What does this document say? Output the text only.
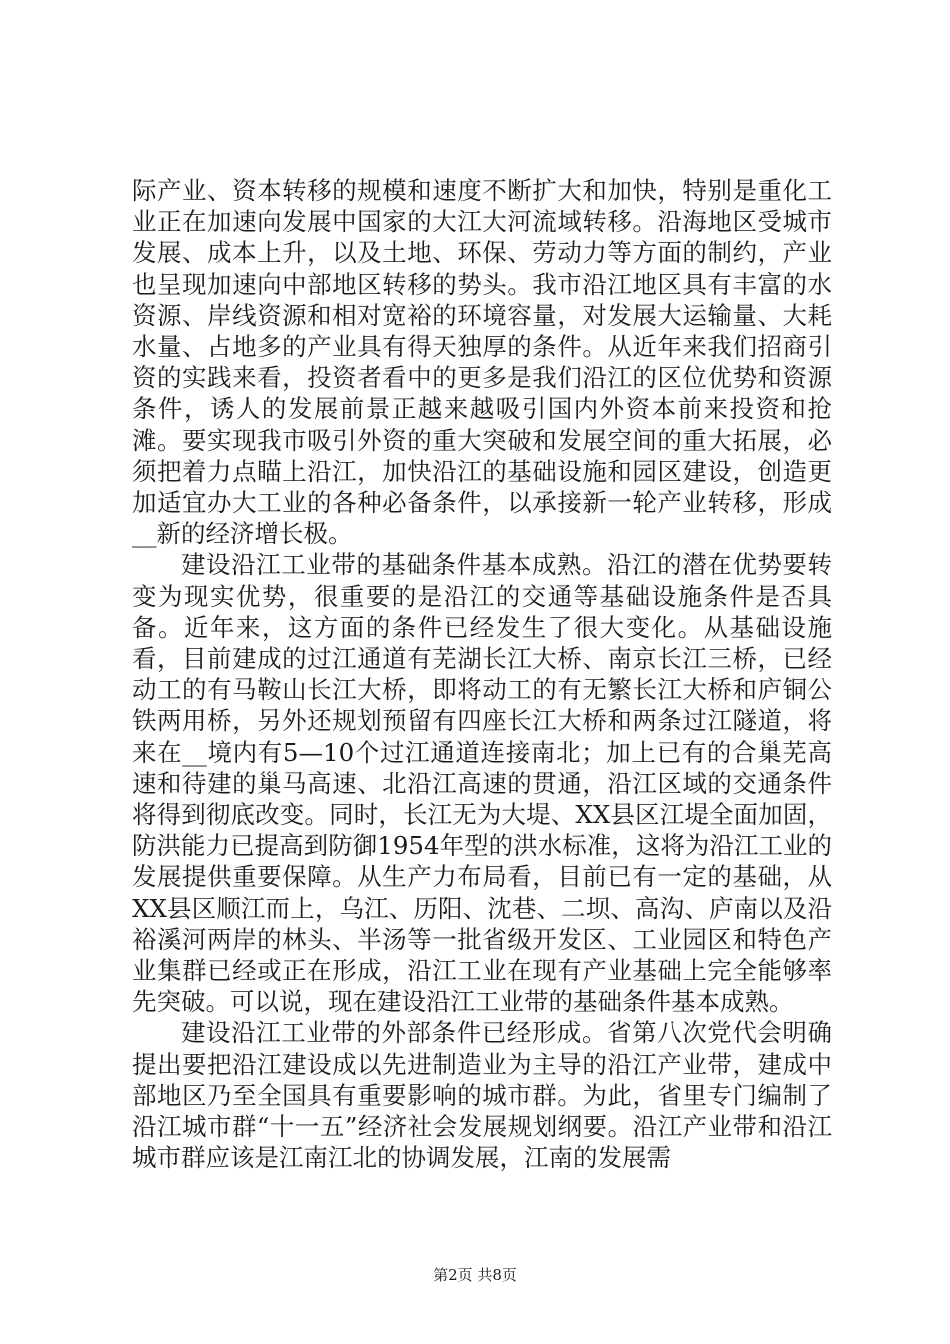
际产业、资本转移的规模和速度不断扩大和加快，特别是重化工业正在加速向发展中国家的大江大河流域转移。沿海地区受城市发展、成本上升，以及土地、环保、劳动力等方面的制约，产业也呈现加速向中部地区转移的势头。我市沿江地区具有丰富的水资源、岸线资源和相对宽裕的环境容量，对发展大运输量、大耗水量、占地多的产业具有得天独厚的条件。从近年来我们招商引资的实践来看，投资者看中的更多是我们沿江的区位优势和资源条件，诱人的发展前景正越来越吸引国内外资本前来投资和抢滩。要实现我市吸引外资的重大突破和发展空间的重大拓展，必须把着力点瞄上沿江，加快沿江的基础设施和园区建设，创造更加适宜办大工业的各种必备条件，以承接新一轮产业转移，形成__新的经济增长极。

建设沿江工业带的基础条件基本成熟。沿江的潜在优势要转变为现实优势，很重要的是沿江的交通等基础设施条件是否具备。近年来，这方面的条件已经发生了很大变化。从基础设施看，目前建成的过江通道有芜湖长江大桥、南京长江三桥，已经动工的有马鞍山长江大桥，即将动工的有无繁长江大桥和庐铜公铁两用桥，另外还规划预留有四座长江大桥和两条过江隧道，将来在__境内有5—10个过江通道连接南北；加上已有的合巢芜高速和待建的巢马高速、北沿江高速的贯通，沿江区域的交通条件将得到彻底改变。同时，长江无为大堤、XX县区江堤全面加固，防洪能力已提高到防御1954年型的洪水标准，这将为沿江工业的发展提供重要保障。从生产力布局看，目前已有一定的基础，从XX县区顺江而上，乌江、历阳、沈巷、二坝、高沟、庐南以及沿裕溪河两岸的林头、半汤等一批省级开发区、工业园区和特色产业集群已经或正在形成，沿江工业在现有产业基础上完全能够率先突破。可以说，现在建设沿江工业带的基础条件基本成熟。

建设沿江工业带的外部条件已经形成。省第八次党代会明确提出要把沿江建设成以先进制造业为主导的沿江产业带，建成中部地区乃至全国具有重要影响的城市群。为此，省里专门编制了沿江城市群“十一五”经济社会发展规划纲要。沿江产业带和沿江城市群应该是江南江北的协调发展，江南的发展需

第2页 共8页
